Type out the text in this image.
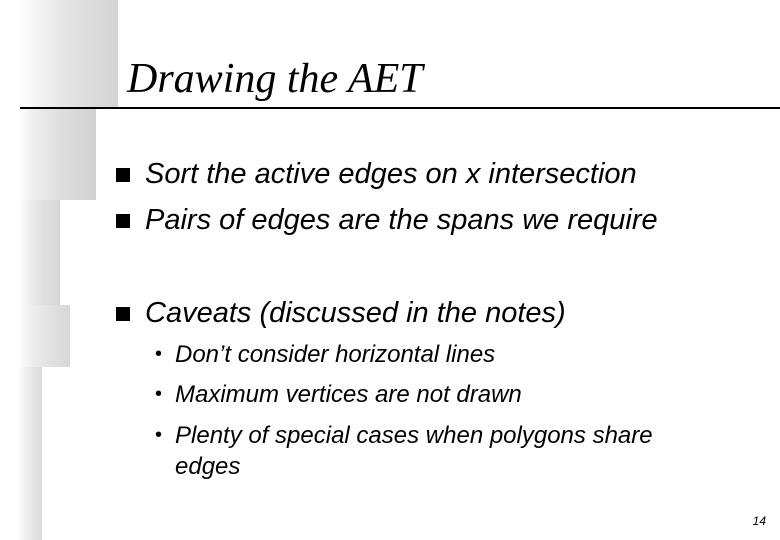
Drawing the AET
Sort the active edges on x intersection
Pairs of edges are the spans we require
Caveats (discussed in the notes)
• Don’t consider horizontal lines
• Maximum vertices are not drawn
• Plenty of special cases when polygons share edges
14
